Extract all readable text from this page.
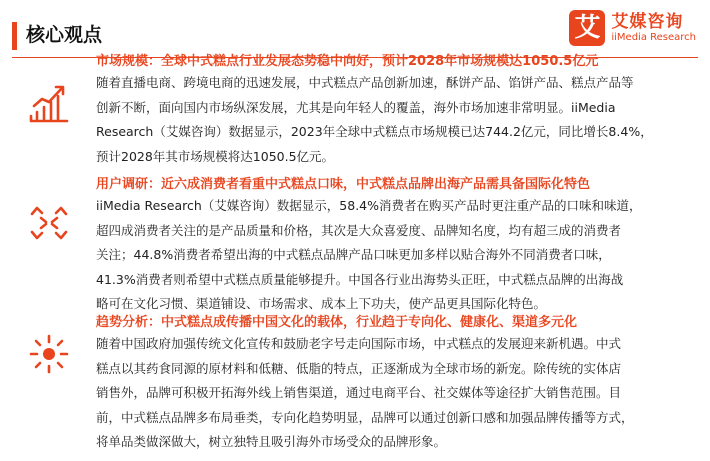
核心观点	艾 艾媒咨询
iiMedia Research
市场规模：全球中式糕点行业发展态势稳中向好，预计2028年市场规模达1050.5亿元

随着直播电商、跨境电商的迅速发展，中式糕点产品创新加速，酥饼产品、馅饼产品、糕点产品等

创新不断，面向国内市场纵深发展，尤其是向年轻人的覆盖，海外市场加速非常明显。iiMedia

Research（艾媒咨询）数据显示，2023年全球中式糕点市场规模已达744.2亿元，同比增长8.4%，

预计2028年其市场规模将达1050.5亿元。

用户调研：近六成消费者看重中式糕点口味，中式糕点品牌出海产品需具备国际化特色

iiMedia Research（艾媒咨询）数据显示，58.4%消费者在购买产品时更注重产品的口味和味道，

超四成消费者关注的是产品质量和价格，其次是大众喜爱度、品牌知名度，均有超三成的消费者

关注；44.8%消费者希望出海的中式糕点品牌产品口味更加多样以贴合海外不同消费者口味，

41.3%消费者则希望中式糕点质量能够提升。中国各行业出海势头正旺，中式糕点品牌的出海战

略可在文化习惯、渠道铺设、市场需求、成本上下功夫，使产品更具国际化特色。

趋势分析：中式糕点成传播中国文化的载体，行业趋于专向化、健康化、渠道多元化

随着中国政府加强传统文化宣传和鼓励老字号走向国际市场，中式糕点的发展迎来新机遇。中式

糕点以其药食同源的原材料和低糖、低脂的特点，正逐渐成为全球市场的新宠。除传统的实体店

销售外，品牌可积极开拓海外线上销售渠道，通过电商平台、社交媒体等途径扩大销售范围。目

前，中式糕点品牌多布局垂类，专向化趋势明显，品牌可以通过创新口感和加强品牌传播等方式，

将单品类做深做大，树立独特且吸引海外市场受众的品牌形象。
